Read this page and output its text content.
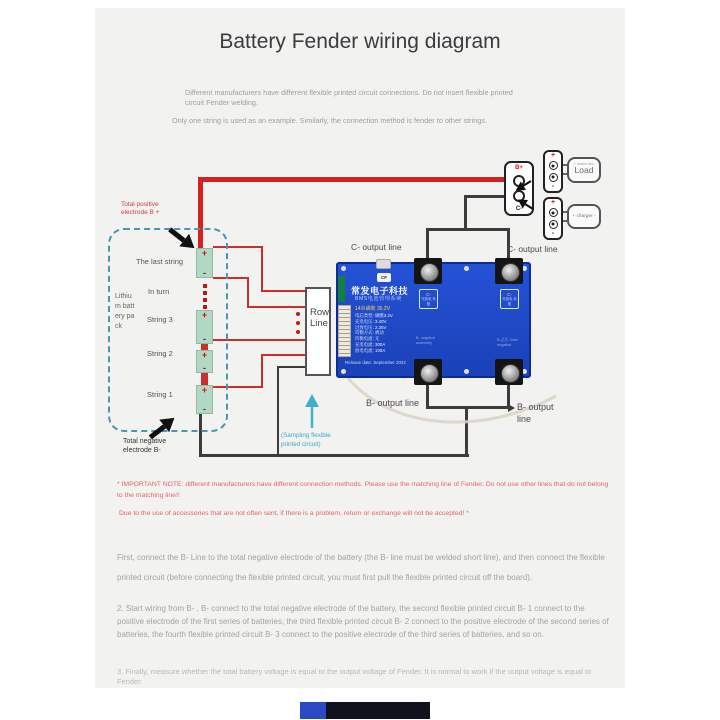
Battery Fender wiring diagram

Different manufacturers have different flexible printed circuit connections. Do not insert flexible printed circuit Fender welding.

Only one string is used as an example. Similarly, the connection method is fender to other strings.

+
-
+
-
+
-
+
-
Total positive electrode B +
The last string
In turn
Lithium battery pack
String 3
String 2
String 1
Total negative electrode B-
Row Line
(Sampling flexible printed circuit)
CF
常发电子科技
BMS电池管理系统
14串磷酸 35.2V
电芯类型: 磷酸3.2V
充电电压: 3.40V
过放电压: 2.35V
均衡方式: 被动
均衡电流: 无
充电电流: 300A
放电电流: 100A
C-
充放电 负极
C-
充放电 负极
B- negative assembly
B-总负 Total negative
Release date: September 2022
C- output line	C- output line
B- output line	B- output line
B+
C-
+
-
+
-
+ motor etc.
Load
+ charger -
* IMPORTANT NOTE: different manufacturers have different connection methods. Please use the matching line of Fender. Do not use other lines that do not belong to the matching line!!
Due to the use of accessories that are not often sent, if there is a problem, return or exchange will not be accepted! *
First, connect the B- Line to the total negative electrode of the battery (the B- line must be welded short line), and then connect the flexible printed circuit (before connecting the flexible printed circuit, you must first pull the flexible printed circuit off the board).
2. Start wiring from B- , B- connect to the total negative electrode of the battery, the second flexible printed circuit B- 1 connect to the positive electrode of the first series of batteries, the third flexible printed circuit B- 2 connect to the positive electrode of the second series of batteries, the fourth flexible printed circuit B- 3 connect to the positive electrode of the third series of batteries, and so on.
3. Finally, measure whether the total battery voltage is equal to the output voltage of Fender. It is normal to work if the output voltage is equal to Fender.
